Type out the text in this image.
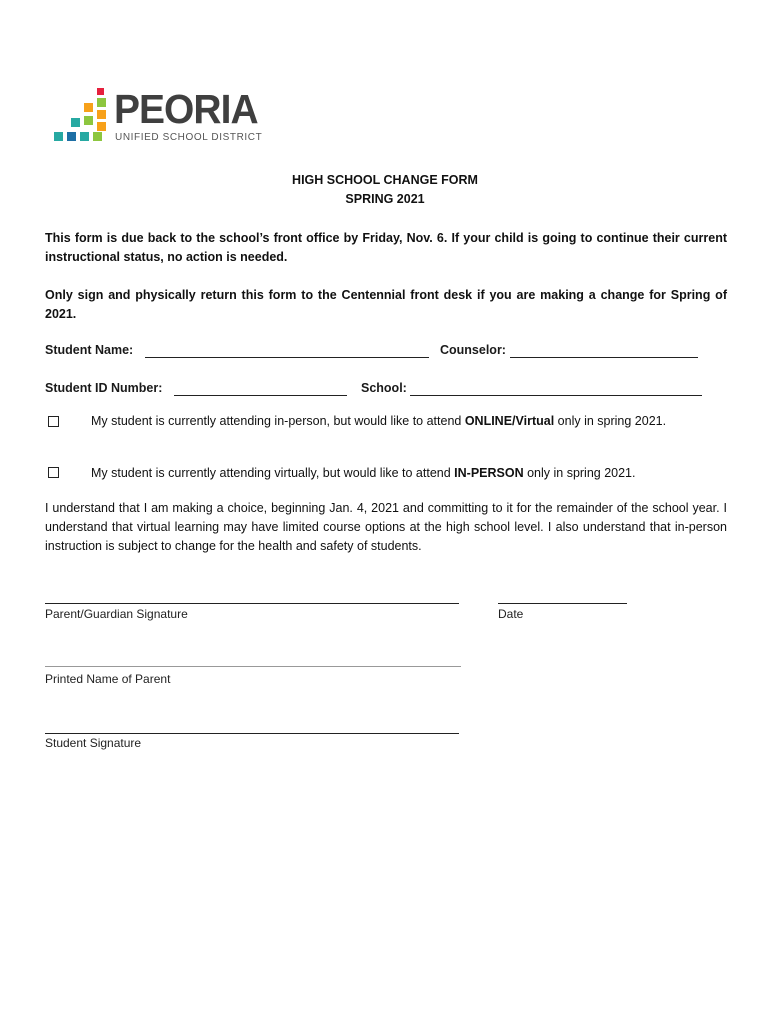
PEORIA
UNIFIED SCHOOL DISTRICT
HIGH SCHOOL CHANGE FORM
SPRING 2021
This form is due back to the school’s front office by Friday, Nov. 6. If your child is going to continue their current instructional status, no action is needed.
Only sign and physically return this form to the Centennial front desk if you are making a change for Spring of 2021.
Student Name:	Counselor:
Student ID Number:	School:
My student is currently attending in-person, but would like to attend ONLINE/Virtual only in spring 2021.
My student is currently attending virtually, but would like to attend IN-PERSON only in spring 2021.
I understand that I am making a choice, beginning Jan. 4, 2021 and committing to it for the remainder of the school year. I understand that virtual learning may have limited course options at the high school level. I also understand that in-person instruction is subject to change for the health and safety of students.
Parent/Guardian Signature	Date
Printed Name of Parent
Student Signature
